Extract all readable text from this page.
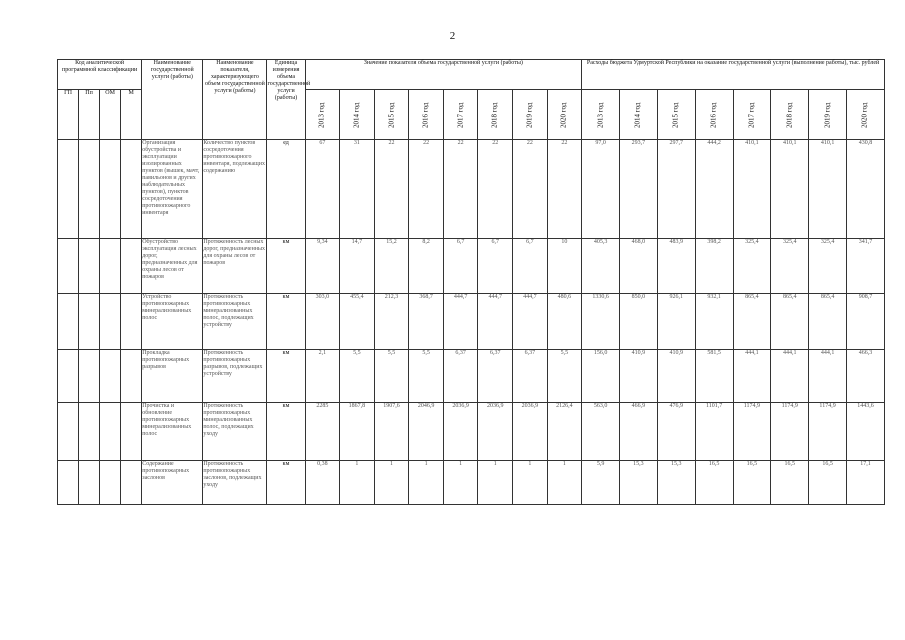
2
Код аналитической программной классификации				Наименование государственной услуги (работы)	Наименование показателя, характеризующего объем государственной услуги (работы)	Единица измерения объема государственной услуги (работы)	Значение показателя объема государственной услуги (работы)								Расходы бюджета Удмуртской Республики на оказание государственной услуги (выполнение работы), тыс. рублей							
ГП	Пп	ОМ	М				2013 год	2014 год	2015 год	2016 год	2017 год	2018 год	2019 год	2020 год	2013 год	2014 год	2015 год	2016 год	2017 год	2018 год	2019 год	2020 год

				Организация обустройства и эксплуатации изолированных пунктов (вышек, мачт, павильонов и других наблюдательных пунктов), пунктов сосредоточения противопожарного инвентаря	Количество пунктов сосредоточения противопожарного инвентаря, подлежащих содержанию	ед	67	31	22	22	22	22	22	22	97,0	293,7	297,7	444,2	410,1	410,1	410,1	430,8
				Обустройство эксплуатация лесных дорог, предназначенных для охраны лесов от пожаров	Протяженность лесных дорог, предназначенных для охраны лесов от пожаров	км	9,34	14,7	15,2	8,2	6,7	6,7	6,7	10	405,3	468,0	483,9	398,2	325,4	325,4	325,4	341,7
				Устройство противопожарных минерализованных полос	Протяженность противопожарных минерализованных полос, подлежащих устройству	км	303,0	455,4	212,3	368,7	444,7	444,7	444,7	480,6	1330,6	850,0	926,1	932,1	865,4	865,4	865,4	908,7
				Прокладка противопожарных разрывов	Протяженность противопожарных разрывов, подлежащих устройству	км	2,1	5,5	5,5	5,5	6,37	6,37	6,37	5,5	156,0	410,9	410,9	581,5	444,1	444,1	444,1	466,3
				Прочистка и обновление противопожарных минерализованных полос	Протяженность противопожарных минерализованных полос, подлежащих уходу	км	2285	1867,8	1907,6	2046,9	2036,9	2036,9	2036,9	2126,4	563,0	466,9	476,9	1101,7	1174,9	1174,9	1174,9	1443,6
				Содержание противопожарных заслонов	Протяженность противопожарных заслонов, подлежащих уходу	км	0,38	1	1	1	1	1	1	1	5,9	15,3	15,3	16,5	16,5	16,5	16,5	17,1
